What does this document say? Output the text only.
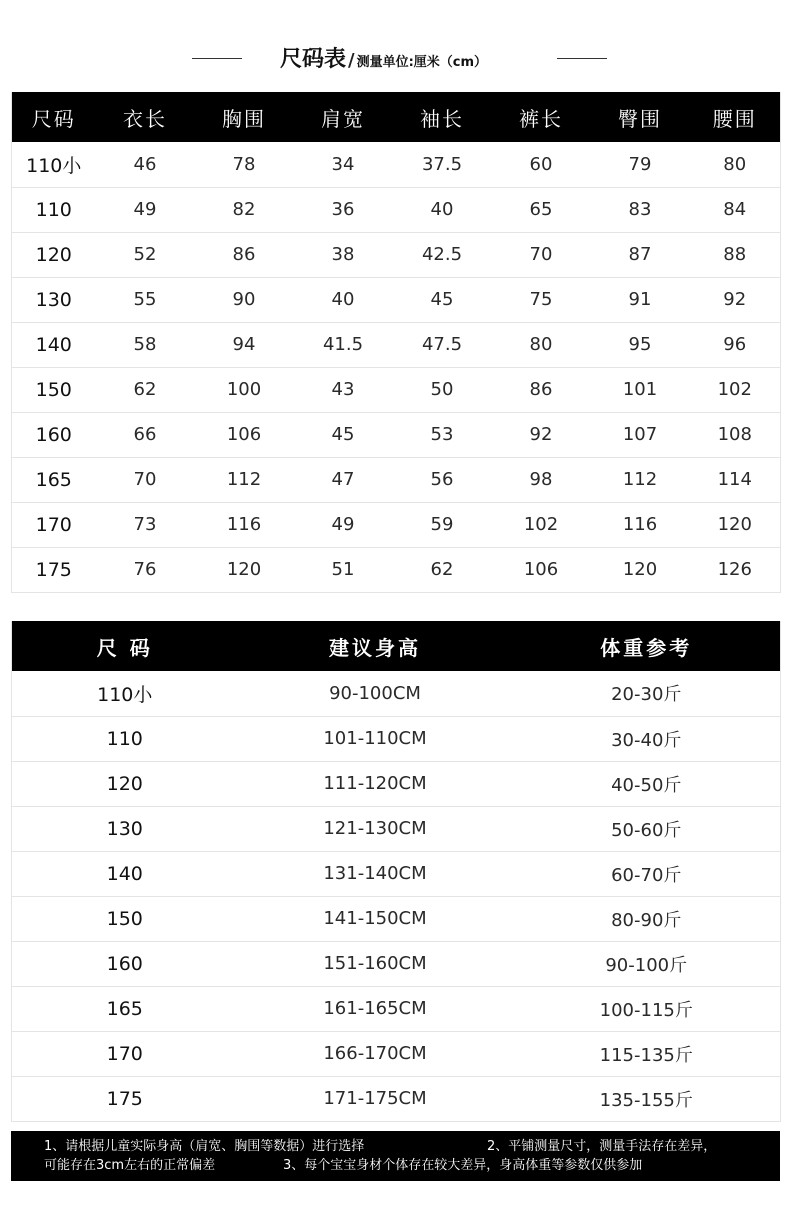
尺码表 / 测量单位:厘米（cm）
尺码	衣长	胸围	肩宽	袖长	裤长	臀围	腰围
110小	46	78	34	37.5	60	79	80
110	49	82	36	40	65	83	84
120	52	86	38	42.5	70	87	88
130	55	90	40	45	75	91	92
140	58	94	41.5	47.5	80	95	96
150	62	100	43	50	86	101	102
160	66	106	45	53	92	107	108
165	70	112	47	56	98	112	114
170	73	116	49	59	102	116	120
175	76	120	51	62	106	120	126
尺 码	建议身高	体重参考
110小	90-100CM	20-30斤
110	101-110CM	30-40斤
120	111-120CM	40-50斤
130	121-130CM	50-60斤
140	131-140CM	60-70斤
150	141-150CM	80-90斤
160	151-160CM	90-100斤
165	161-165CM	100-115斤
170	166-170CM	115-135斤
175	171-175CM	135-155斤
1、请根据儿童实际身高（肩宽、胸围等数据）进行选择	2、平铺测量尺寸，测量手法存在差异，
可能存在3cm左右的正常偏差	3、每个宝宝身材个体存在较大差异，身高体重等参数仅供参加
